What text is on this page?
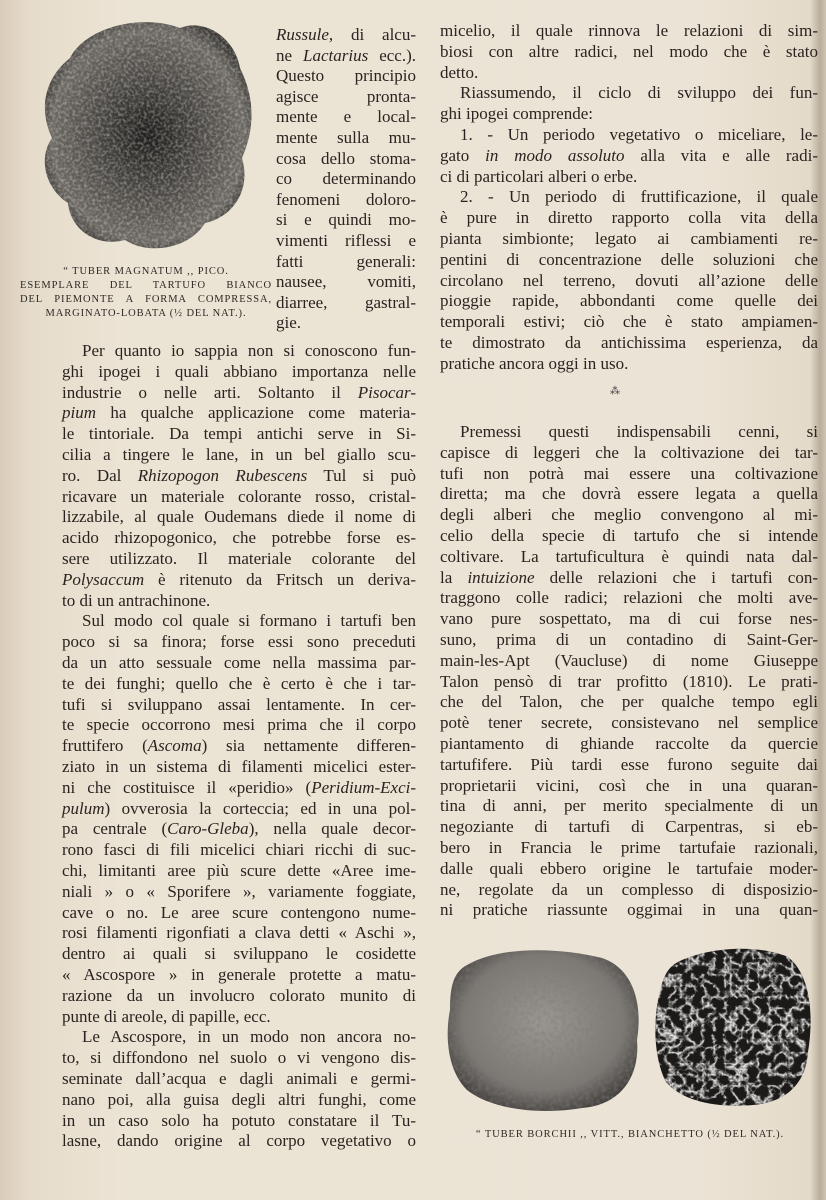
“ TUBER MAGNATUM ,, PICO.
ESEMPLARE DEL TARTUFO BIANCO
DEL PIEMONTE A FORMA COMPRESSA,
MARGINATO-LOBATA (½ DEL NAT.).
⁂
“ TUBER BORCHII ,, VITT., BIANCHETTO (½ DEL NAT.).
Russule, di alcu-
ne Lactarius ecc.).
Questo principio
agisce pronta-
mente e local-
mente sulla mu-
cosa dello stoma-
co determinando
fenomeni doloro-
si e quindi mo-
vimenti riflessi e
fatti generali:
nausee, vomiti,
diarree, gastral-
gie.
Per quanto io sappia non si conoscono fun-
ghi ipogei i quali abbiano importanza nelle
industrie o nelle arti. Soltanto il Pisocar-
pium ha qualche applicazione come materia-
le tintoriale. Da tempi antichi serve in Si-
cilia a tingere le lane, in un bel giallo scu-
ro. Dal Rhizopogon Rubescens Tul si può
ricavare un materiale colorante rosso, cristal-
lizzabile, al quale Oudemans diede il nome di
acido rhizopogonico, che potrebbe forse es-
sere utilizzato. Il materiale colorante del
Polysaccum è ritenuto da Fritsch un deriva-
to di un antrachinone.
Sul modo col quale si formano i tartufi ben
poco si sa finora; forse essi sono preceduti
da un atto sessuale come nella massima par-
te dei funghi; quello che è certo è che i tar-
tufi si sviluppano assai lentamente. In cer-
te specie occorrono mesi prima che il corpo
fruttifero (Ascoma) sia nettamente differen-
ziato in un sistema di filamenti micelici ester-
ni che costituisce il «peridio» (Peridium-Exci-
pulum) ovverosia la corteccia; ed in una pol-
pa centrale (Caro-Gleba), nella quale decor-
rono fasci di fili micelici chiari ricchi di suc-
chi, limitanti aree più scure dette «Aree ime-
niali » o « Sporifere », variamente foggiate,
cave o no. Le aree scure contengono nume-
rosi filamenti rigonfiati a clava detti « Aschi »,
dentro ai quali si sviluppano le cosidette
« Ascospore » in generale protette a matu-
razione da un involucro colorato munito di
punte di areole, di papille, ecc.
Le Ascospore, in un modo non ancora no-
to, si diffondono nel suolo o vi vengono dis-
seminate dall’acqua e dagli animali e germi-
nano poi, alla guisa degli altri funghi, come
in un caso solo ha potuto constatare il Tu-
lasne, dando origine al corpo vegetativo o
micelio, il quale rinnova le relazioni di sim-
biosi con altre radici, nel modo che è stato
detto.
Riassumendo, il ciclo di sviluppo dei fun-
ghi ipogei comprende:
1. - Un periodo vegetativo o miceliare, le-
gato in modo assoluto alla vita e alle radi-
ci di particolari alberi o erbe.
2. - Un periodo di fruttificazione, il quale
è pure in diretto rapporto colla vita della
pianta simbionte; legato ai cambiamenti re-
pentini di concentrazione delle soluzioni che
circolano nel terreno, dovuti all’azione delle
pioggie rapide, abbondanti come quelle dei
temporali estivi; ciò che è stato ampiamen-
te dimostrato da antichissima esperienza, da
pratiche ancora oggi in uso.
Premessi questi indispensabili cenni, si
capisce di leggeri che la coltivazione dei tar-
tufi non potrà mai essere una coltivazione
diretta; ma che dovrà essere legata a quella
degli alberi che meglio convengono al mi-
celio della specie di tartufo che si intende
coltivare. La tartuficultura è quindi nata dal-
la intuizione delle relazioni che i tartufi con-
traggono colle radici; relazioni che molti ave-
vano pure sospettato, ma di cui forse nes-
suno, prima di un contadino di Saint-Ger-
main-les-Apt (Vaucluse) di nome Giuseppe
Talon pensò di trar profitto (1810). Le prati-
che del Talon, che per qualche tempo egli
potè tener secrete, consistevano nel semplice
piantamento di ghiande raccolte da quercie
tartufifere. Più tardi esse furono seguite dai
proprietarii vicini, così che in una quaran-
tina di anni, per merito specialmente di un
negoziante di tartufi di Carpentras, si eb-
bero in Francia le prime tartufaie razionali,
dalle quali ebbero origine le tartufaie moder-
ne, regolate da un complesso di disposizio-
ni pratiche riassunte oggimai in una quan-
